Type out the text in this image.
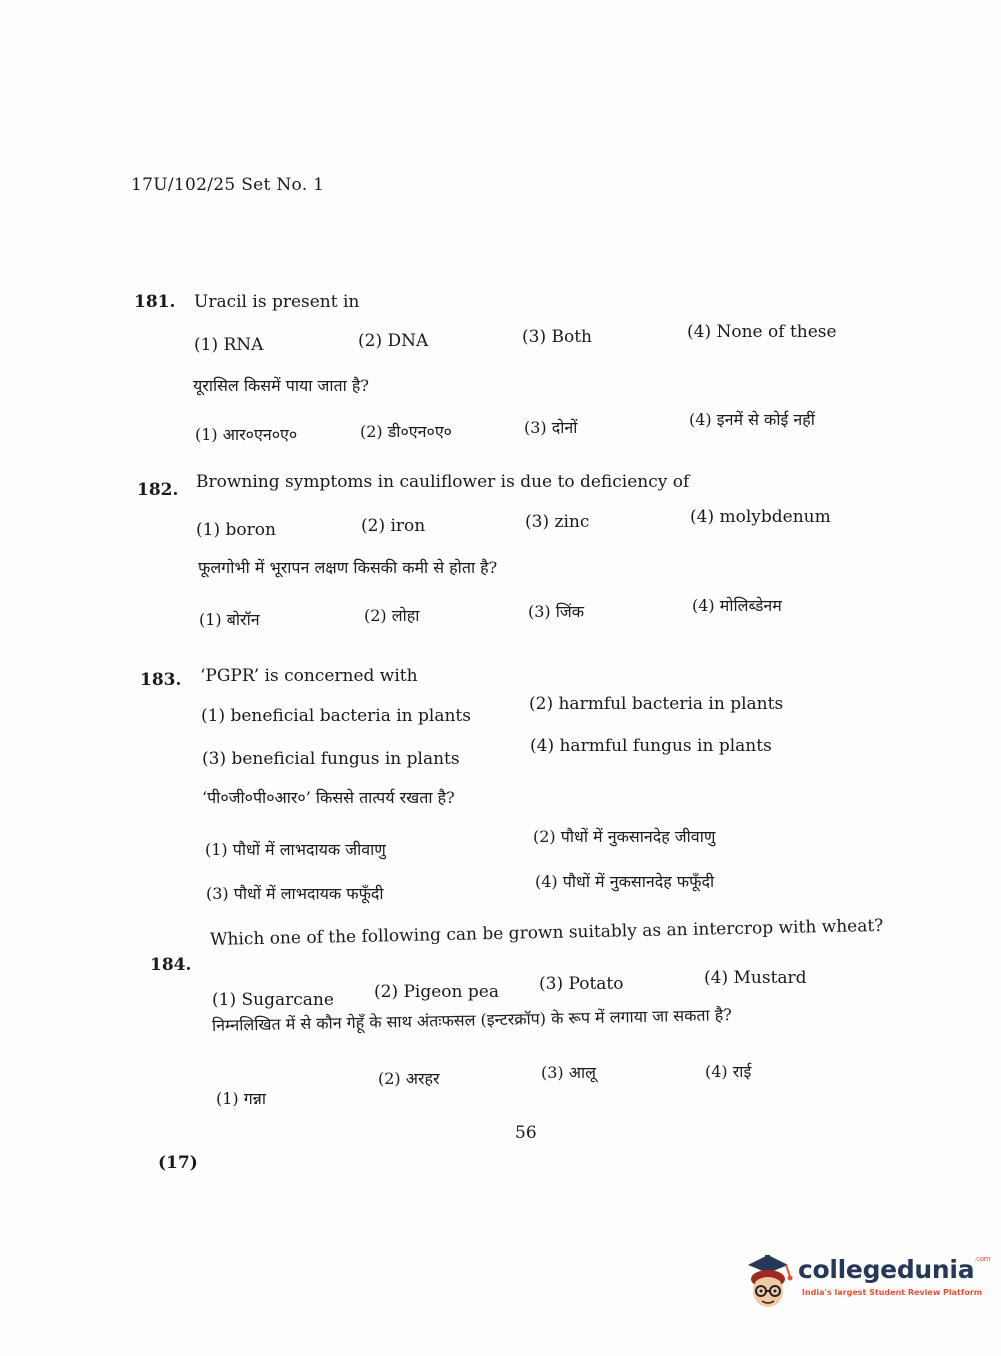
17U/102/25 Set No. 1
181. Uracil is present in
(1) RNA	(2) DNA	(3) Both	(4) None of these
यूरासिल किसमें पाया जाता है?
(1) आर०एन०ए०	(2) डी०एन०ए०	(3) दोनों	(4) इनमें से कोई नहीं
182. Browning symptoms in cauliflower is due to deficiency of
(1) boron	(2) iron	(3) zinc	(4) molybdenum
फूलगोभी में भूरापन लक्षण किसकी कमी से होता है?
(1) बोरॉन	(2) लोहा	(3) जिंक	(4) मोलिब्डेनम
183. ‘PGPR’ is concerned with
(1) beneficial bacteria in plants
(2) harmful bacteria in plants
(3) beneficial fungus in plants
(4) harmful fungus in plants
‘पी०जी०पी०आर०’ किससे तात्पर्य रखता है?
(1) पौधों में लाभदायक जीवाणु
(2) पौधों में नुकसानदेह जीवाणु
(3) पौधों में लाभदायक फफूँदी
(4) पौधों में नुकसानदेह फफूँदी
184.
Which one of the following can be grown suitably as an intercrop with wheat?
(1) Sugarcane (2) Pigeon pea (3) Potato	(4) Mustard
निम्नलिखित में से कौन गेहूँ के साथ अंतःफसल (इन्टरक्रॉप) के रूप में लगाया जा सकता है?
(1) गन्ना
(2) अरहर	(3) आलू	(4) राई
56
(17)
collegedunia$^{.com}$
India's largest Student Review Platform
